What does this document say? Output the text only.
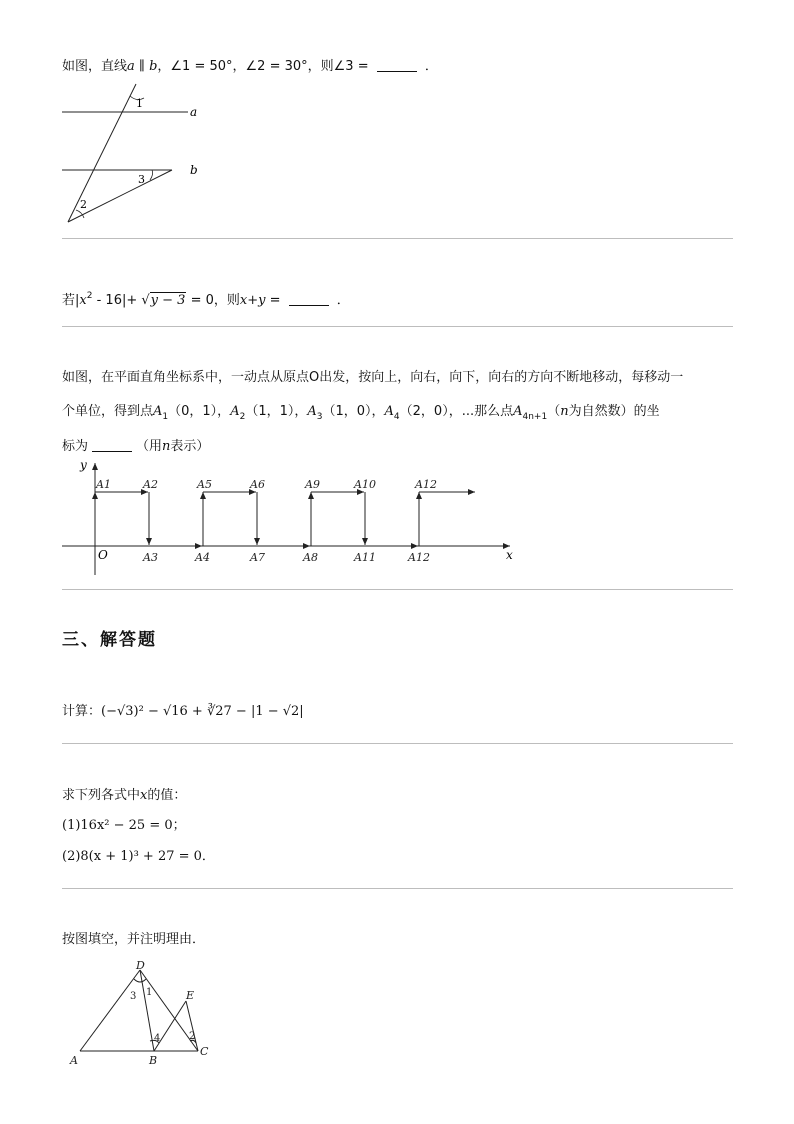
如图，直线a ∥ b，∠1 = 50°，∠2 = 30°，则∠3 =	．
1
3
2
a
b
若$|x^2 - 16|+ √y - 3 = 0$，则x+y =	．
如图，在平面直角坐标系中，一动点从原点O出发，按向上，向右，向下，向右的方向不断地移动，每移动一
个单位，得到点$A_1(0$，1），$A_2(1$，1），$A_3(1$，0），$A_4(2$，0），...那么点$A_{4n+1}(n$为自然数）的坐
标为	（用n表示）
x
y
O
A1	A2	A5	A6	A9	A10	A12
A3	A4	A7	A8	A11	A12
三、解答题
计算：(−√3)² − √16 + ∛27 − |1 − √2|
求下列各式中x的值：
(1)16x² − 25 = 0；
(2)8(x + 1)³ + 27 = 0．
按图填空，并注明理由．
D
E
A	B
C
3 1
4	2
